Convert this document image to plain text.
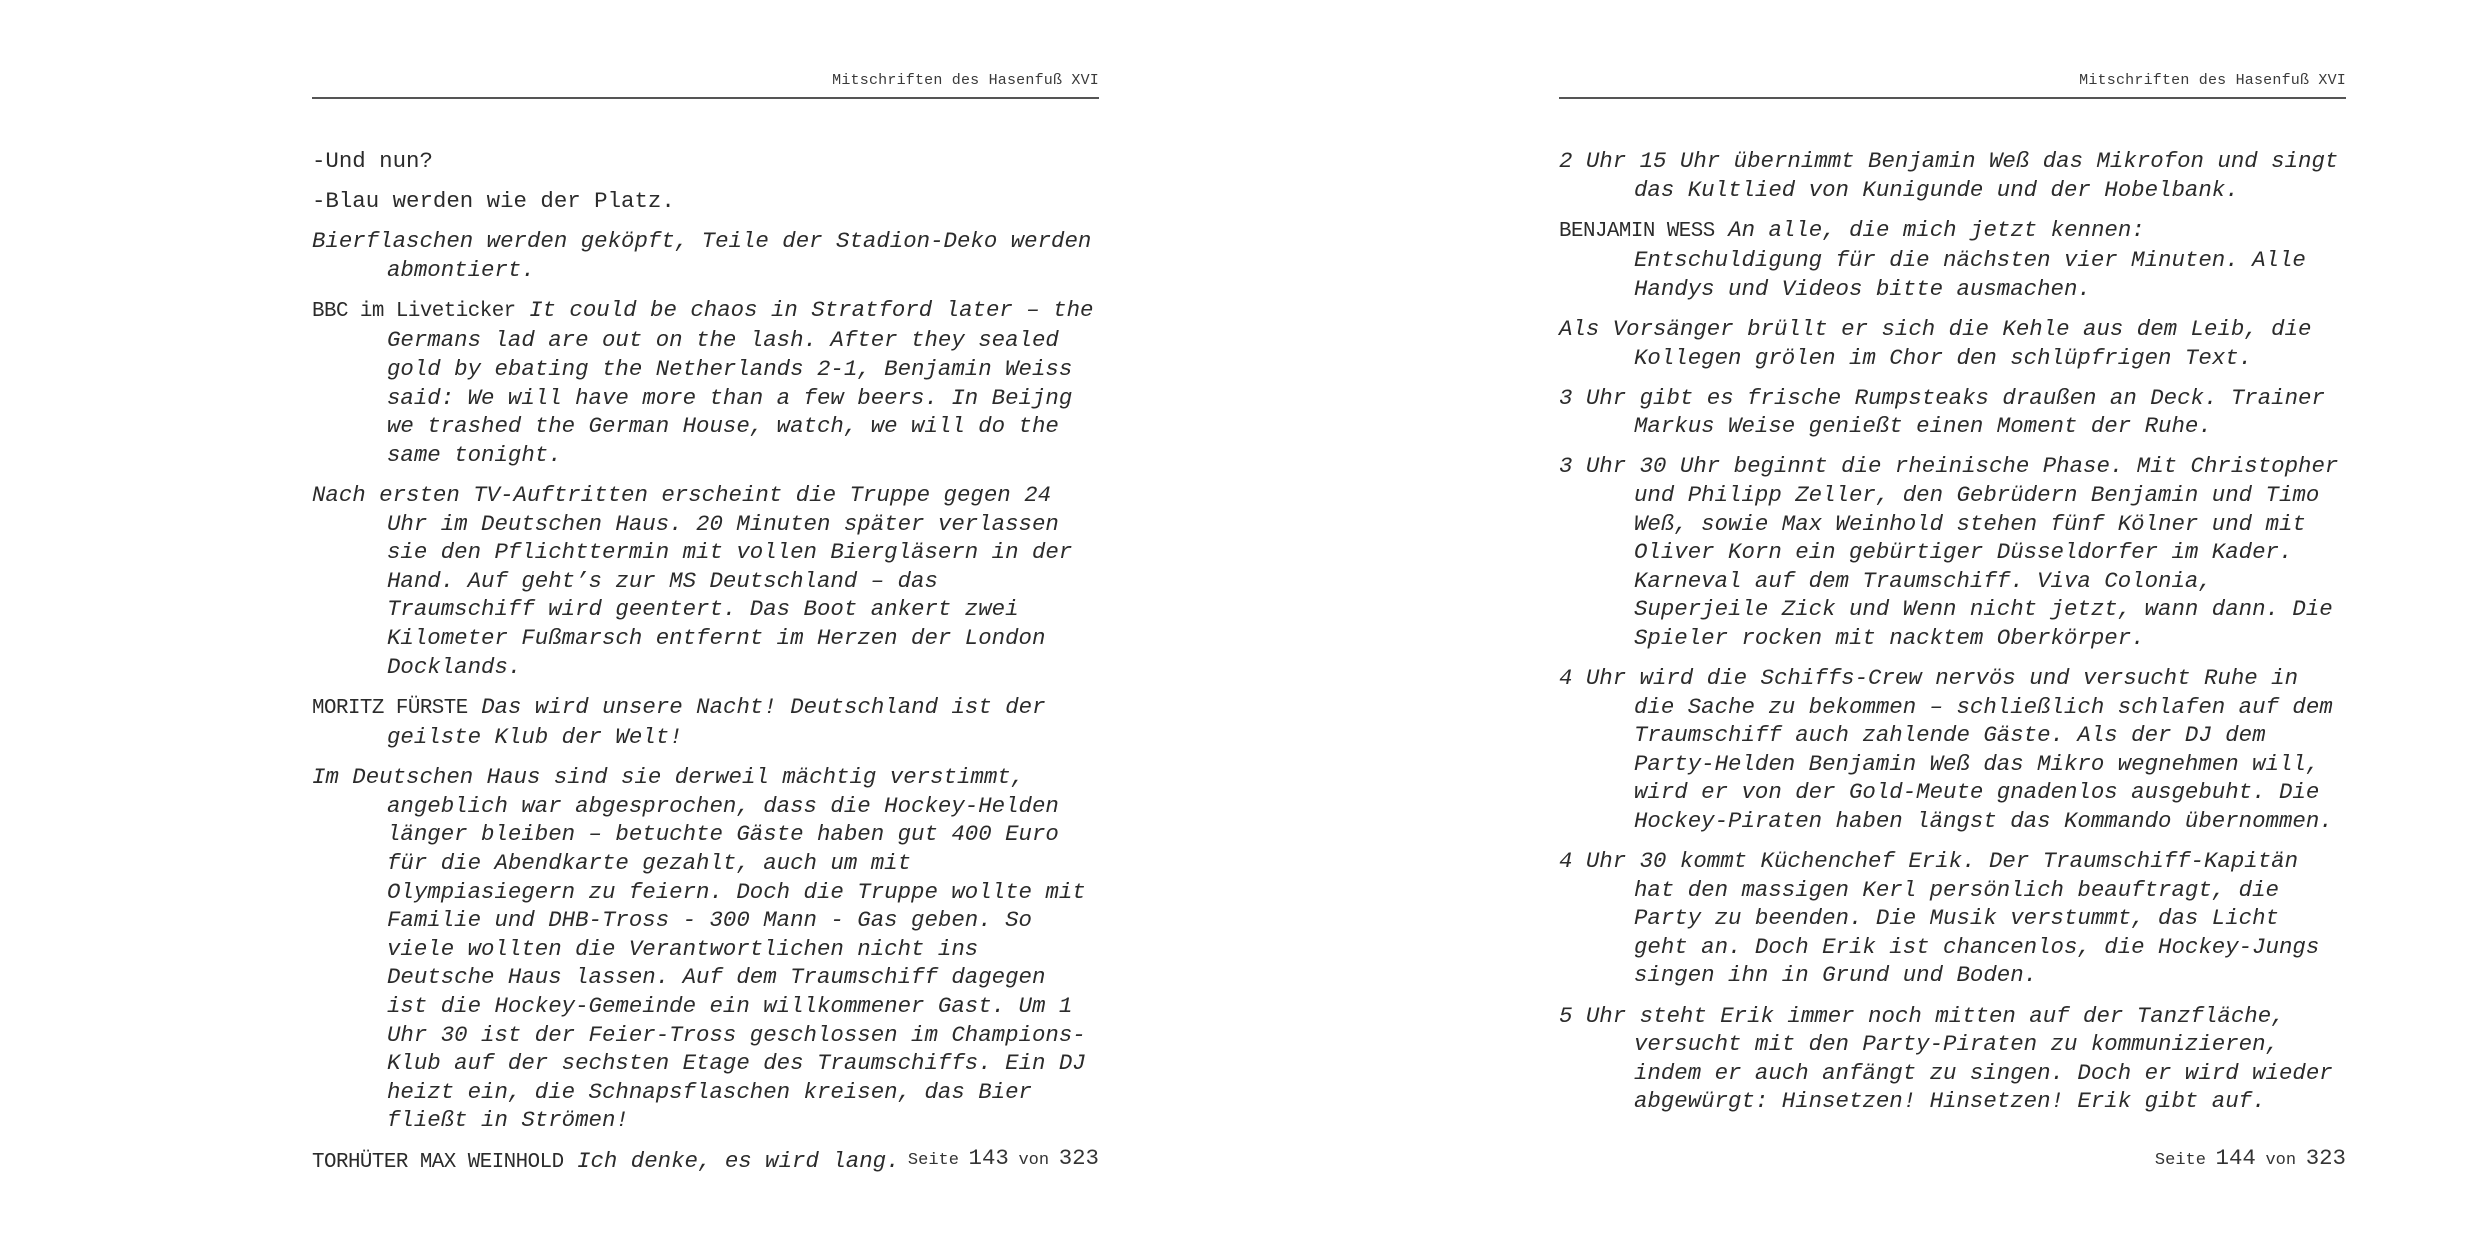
Mitschriften des Hasenfuß XVI

-Und nun?

-Blau werden wie der Platz.

Bierflaschen werden geköpft, Teile der Stadion-Deko werden abmontiert.

BBC im Liveticker It could be chaos in Stratford later – the Germans lad are out on the lash. After they sealed gold by ebating the Netherlands 2-1, Benjamin Weiss said: We will have more than a few beers. In Beijng we trashed the German House, watch, we will do the same tonight.

Nach ersten TV-Auftritten erscheint die Truppe gegen 24 Uhr im Deutschen Haus. 20 Minuten später verlassen sie den Pflichttermin mit vollen Biergläsern in der Hand. Auf geht’s zur MS Deutschland – das Traumschiff wird geentert. Das Boot ankert zwei Kilometer Fußmarsch entfernt im Herzen der London Docklands.

MORITZ FÜRSTE Das wird unsere Nacht! Deutschland ist der geilste Klub der Welt!

Im Deutschen Haus sind sie derweil mächtig verstimmt, angeblich war abgesprochen, dass die Hockey-Helden länger bleiben – betuchte Gäste haben gut 400 Euro für die Abendkarte gezahlt, auch um mit Olympiasiegern zu feiern. Doch die Truppe wollte mit Familie und DHB-Tross - 300 Mann - Gas geben. So viele wollten die Verantwortlichen nicht ins Deutsche Haus lassen. Auf dem Traumschiff dagegen ist die Hockey-Gemeinde ein willkommener Gast. Um 1 Uhr 30 ist der Feier-Tross geschlossen im Champions-Klub auf der sechsten Etage des Traumschiffs. Ein DJ heizt ein, die Schnapsflaschen kreisen, das Bier fließt in Strömen!

TORHÜTER MAX WEINHOLD Ich denke, es wird lang. Seite 143 von 323
Mitschriften des Hasenfuß XVI

2 Uhr 15 Uhr übernimmt Benjamin Weß das Mikrofon und singt das Kultlied von Kunigunde und der Hobelbank.

BENJAMIN WESS An alle, die mich jetzt kennen: Entschuldigung für die nächsten vier Minuten. Alle Handys und Videos bitte ausmachen.

Als Vorsänger brüllt er sich die Kehle aus dem Leib, die Kollegen grölen im Chor den schlüpfrigen Text.

3 Uhr gibt es frische Rumpsteaks draußen an Deck. Trainer Markus Weise genießt einen Moment der Ruhe.

3 Uhr 30 Uhr beginnt die rheinische Phase. Mit Christopher und Philipp Zeller, den Gebrüdern Benjamin und Timo Weß, sowie Max Weinhold stehen fünf Kölner und mit Oliver Korn ein gebürtiger Düsseldorfer im Kader. Karneval auf dem Traumschiff. Viva Colonia, Superjeile Zick und Wenn nicht jetzt, wann dann. Die Spieler rocken mit nacktem Oberkörper.

4 Uhr wird die Schiffs-Crew nervös und versucht Ruhe in die Sache zu bekommen – schließlich schlafen auf dem Traumschiff auch zahlende Gäste. Als der DJ dem Party-Helden Benjamin Weß das Mikro wegnehmen will, wird er von der Gold-Meute gnadenlos ausgebuht. Die Hockey-Piraten haben längst das Kommando übernommen.

4 Uhr 30 kommt Küchenchef Erik. Der Traumschiff-Kapitän hat den massigen Kerl persönlich beauftragt, die Party zu beenden. Die Musik verstummt, das Licht geht an. Doch Erik ist chancenlos, die Hockey-Jungs singen ihn in Grund und Boden.

5 Uhr steht Erik immer noch mitten auf der Tanzfläche, versucht mit den Party-Piraten zu kommunizieren, indem er auch anfängt zu singen. Doch er wird wieder abgewürgt: Hinsetzen! Hinsetzen! Erik gibt auf.

Seite 144 von 323
